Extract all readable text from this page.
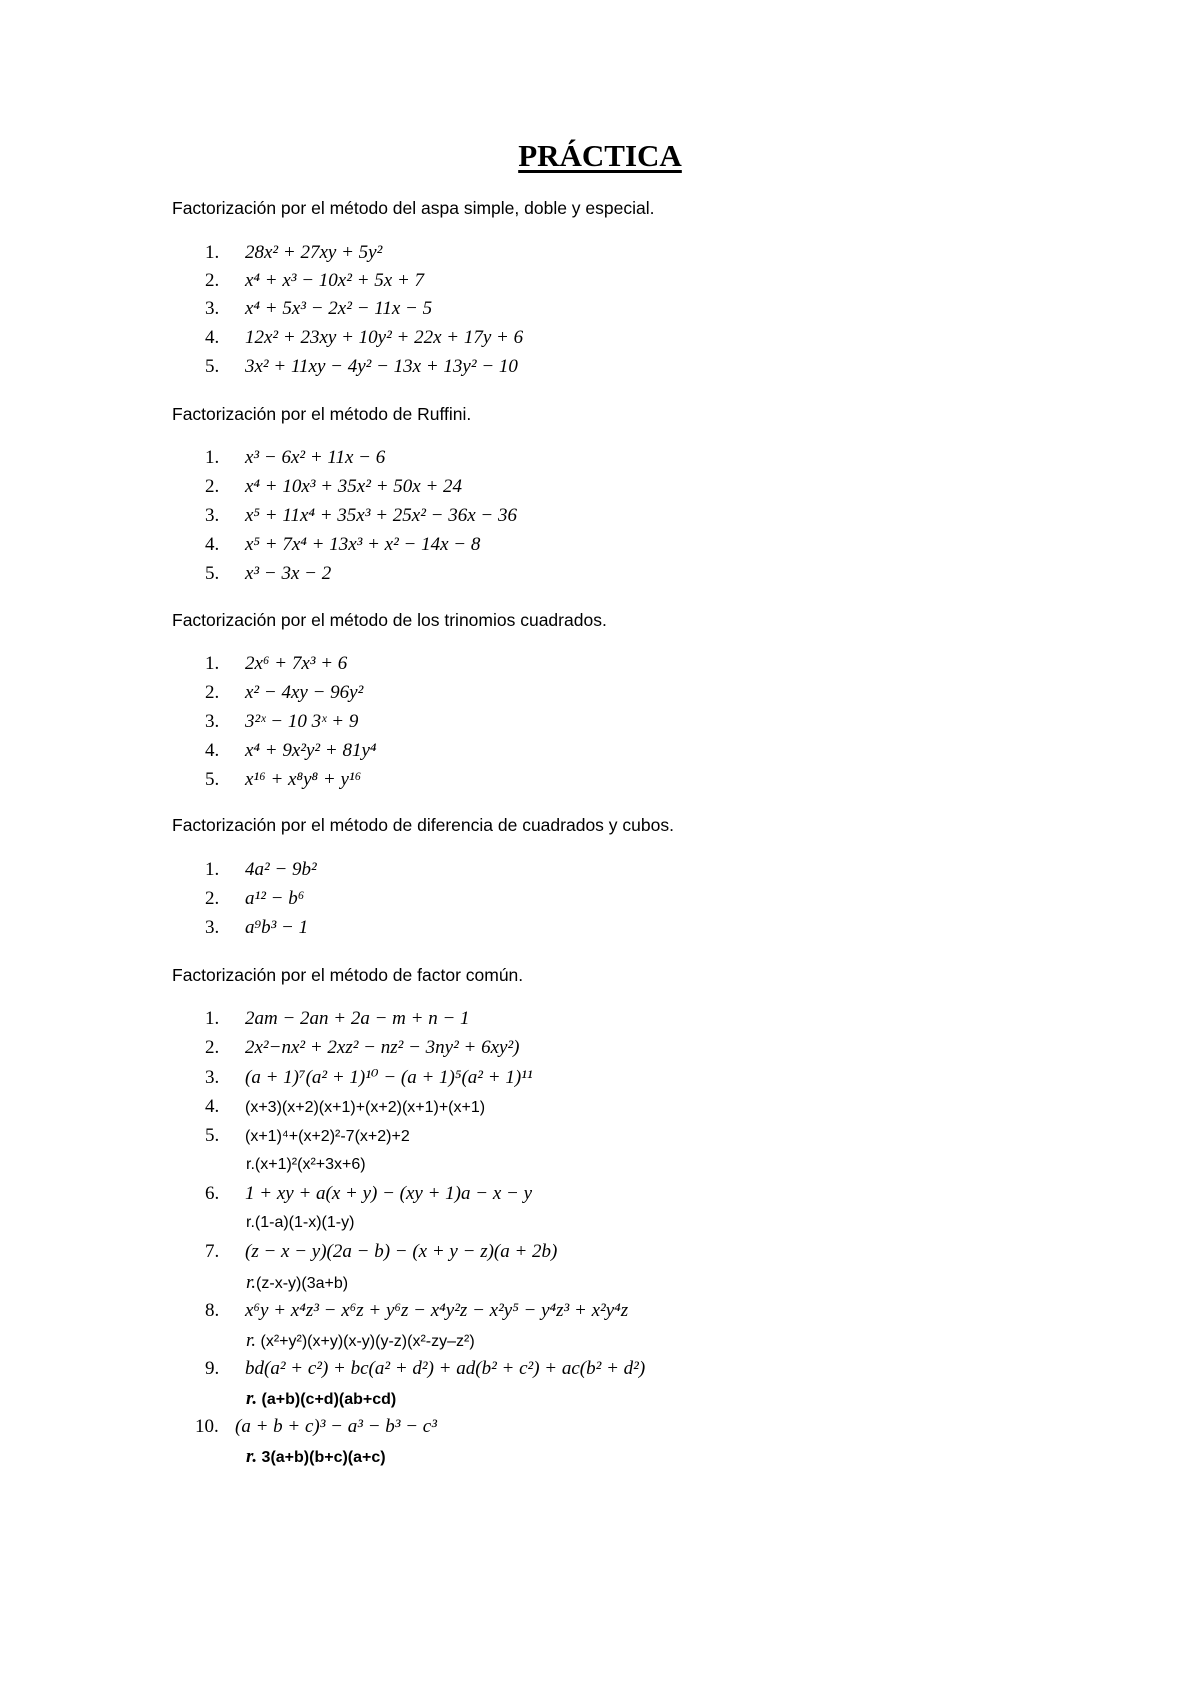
PRÁCTICA
Factorización por el método del aspa simple, doble y especial.
1. 28x² + 27xy + 5y²
2. x⁴ + x³ − 10x² + 5x + 7
3. x⁴ + 5x³ − 2x² − 11x − 5
4. 12x² + 23xy + 10y² + 22x + 17y + 6
5. 3x² + 11xy − 4y² − 13x + 13y² − 10
Factorización por el método de Ruffini.
1. x³ − 6x² + 11x − 6
2. x⁴ + 10x³ + 35x² + 50x + 24
3. x⁵ + 11x⁴ + 35x³ + 25x² − 36x − 36
4. x⁵ + 7x⁴ + 13x³ + x² − 14x − 8
5. x³ − 3x − 2
Factorización por el método de los trinomios cuadrados.
1. 2x⁶ + 7x³ + 6
2. x² − 4xy − 96y²
3. 3²ˣ − 10 3ˣ + 9
4. x⁴ + 9x²y² + 81y⁴
5. x¹⁶ + x⁸y⁸ + y¹⁶
Factorización por el método de diferencia de cuadrados y cubos.
1. 4a² − 9b²
2. a¹² − b⁶
3. a⁹b³ − 1
Factorización por el método de factor común.
1. 2am − 2an + 2a − m + n − 1
2. 2x²−nx² + 2xz² − nz² − 3ny² + 6xy²)
3. (a + 1)⁷(a² + 1)¹⁰ − (a + 1)⁵(a² + 1)¹¹
4. (x+3)(x+2)(x+1)+(x+2)(x+1)+(x+1)
5. (x+1)⁴+(x+2)²-7(x+2)+2
r.(x+1)²(x²+3x+6)
6. 1 + xy + a(x + y) − (xy + 1)a − x − y
r.(1-a)(1-x)(1-y)
7. (z − x − y)(2a − b) − (x + y − z)(a + 2b)
r.(z-x-y)(3a+b)
8. x⁶y + x⁴z³ − x⁶z + y⁶z − x⁴y²z − x²y⁵ − y⁴z³ + x²y⁴z
r. (x²+y²)(x+y)(x-y)(y-z)(x²-zy–z²)
9. bd(a² + c²) + bc(a² + d²) + ad(b² + c²) + ac(b² + d²)
r. (a+b)(c+d)(ab+cd)
10. (a + b + c)³ − a³ − b³ − c³
r. 3(a+b)(b+c)(a+c)
